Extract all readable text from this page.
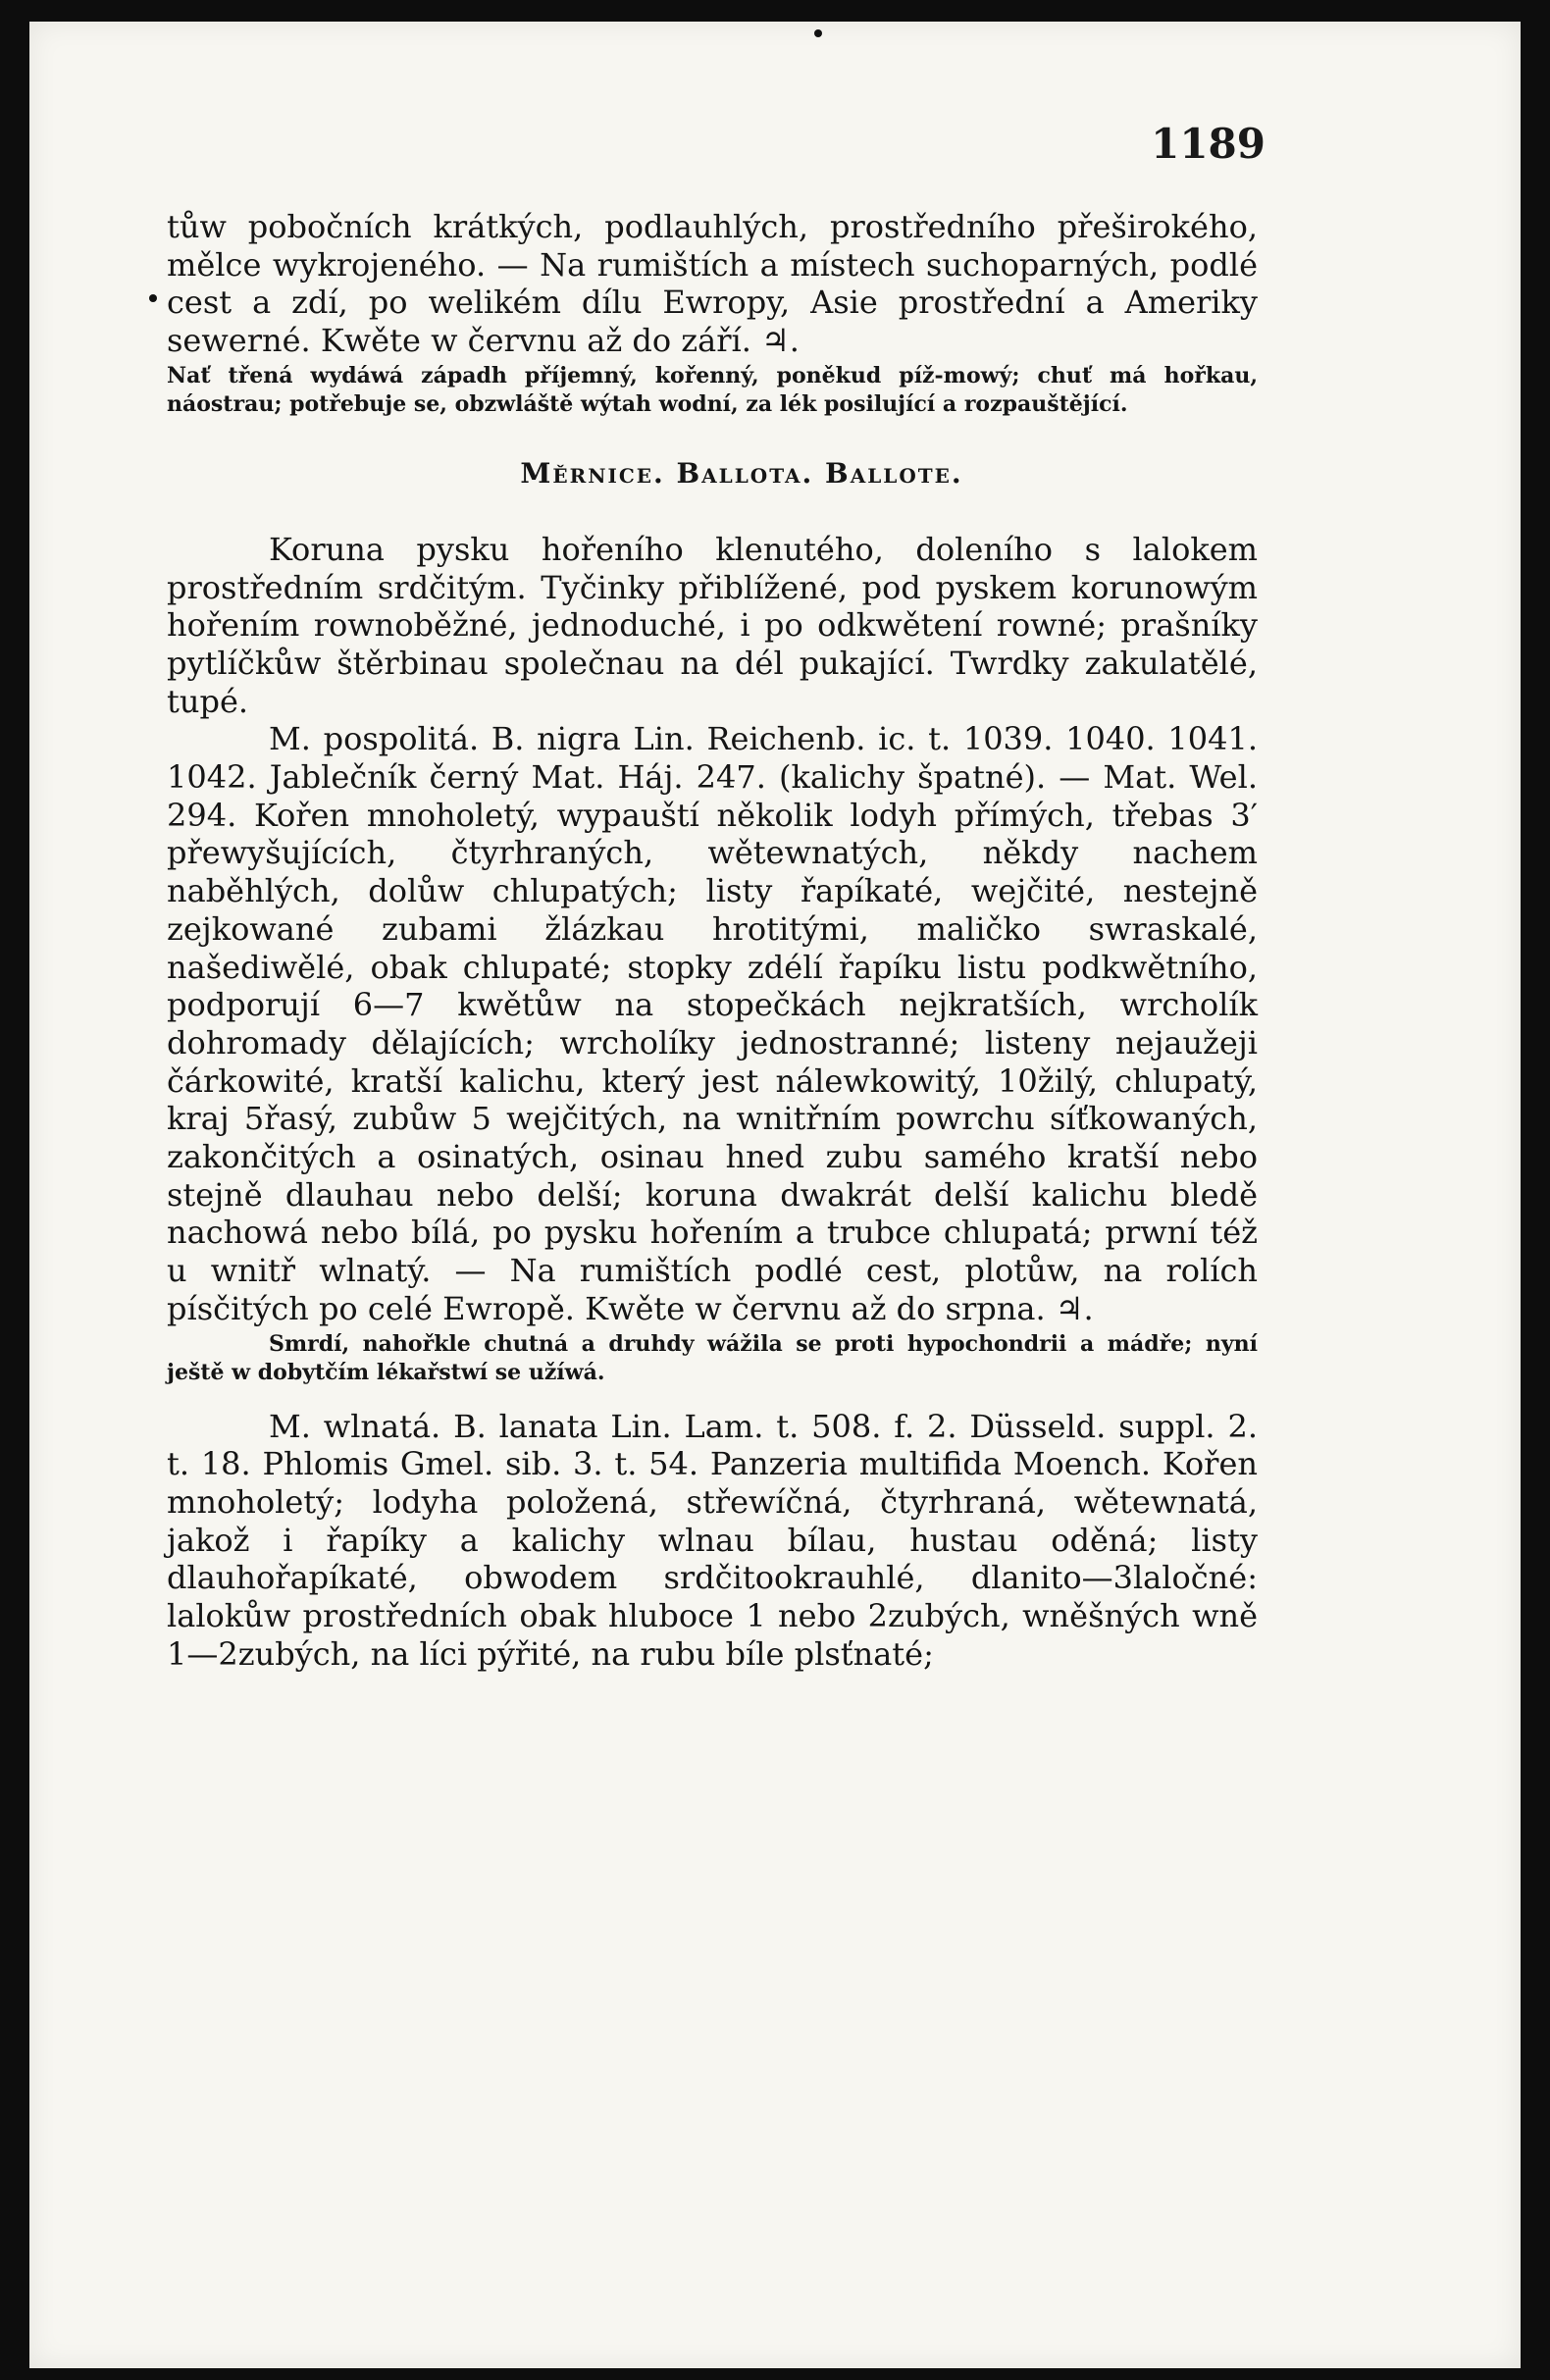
1189

tůw pobočních krátkých, podlauhlých, prostředního přeširokého, mělce wykrojeného. — Na rumištích a místech suchoparných, podlé cest a zdí, po welikém dílu Ewropy, Asie prostřední a Ameriky sewerné. Kwěte w červnu až do září. ♃.

Nať třená wydáwá západh příjemný, kořenný, poněkud píž-mowý; chuť má hořkau, náostrau; potřebuje se, obzwláště wýtah wodní, za lék posilující a rozpauštějící.

Měrnice. Ballota. Ballote.

Koruna pysku hořeního klenutého, doleního s lalokem prostředním srdčitým. Tyčinky přiblížené, pod pyskem korunowým hořením rownoběžné, jednoduché, i po odkwětení rowné; prašníky pytlíčkůw štěrbinau společnau na dél pukající. Twrdky zakulatělé, tupé.

M. pospolitá. B. nigra Lin. Reichenb. ic. t. 1039. 1040. 1041. 1042. Jablečník černý Mat. Háj. 247. (kalichy špatné). — Mat. Wel. 294. Kořen mnoholetý, wypauští několik lodyh přímých, třebas 3′ přewyšujících, čtyrhraných, wětewnatých, někdy nachem naběhlých, dolůw chlupatých; listy řapíkaté, wejčité, nestejně zejkowané zubami žlázkau hrotitými, maličko swraskalé, našediwělé, obak chlupaté; stopky zdélí řapíku listu podkwětního, podporují 6—7 kwětůw na stopečkách nejkratších, wrcholík dohromady dělajících; wrcholíky jednostranné; listeny nejaužeji čárkowité, kratší kalichu, který jest nálewkowitý, 10žilý, chlupatý, kraj 5řasý, zubůw 5 wejčitých, na wnitřním powrchu síťkowaných, zakončitých a osinatých, osinau hned zubu samého kratší nebo stejně dlauhau nebo delší; koruna dwakrát delší kalichu bledě nachowá nebo bílá, po pysku hořením a trubce chlupatá; prwní též u wnitř wlnatý. — Na rumištích podlé cest, plotůw, na rolích písčitých po celé Ewropě. Kwěte w červnu až do srpna. ♃.

Smrdí, nahořkle chutná a druhdy wážila se proti hypochondrii a mádře; nyní ještě w dobytčím lékařstwí se užíwá.

M. wlnatá. B. lanata Lin. Lam. t. 508. f. 2. Düsseld. suppl. 2. t. 18. Phlomis Gmel. sib. 3. t. 54. Panzeria multifida Moench. Kořen mnoholetý; lodyha položená, střewíčná, čtyrhraná, wětewnatá, jakož i řapíky a kalichy wlnau bílau, hustau oděná; listy dlauhořapíkaté, obwodem srdčitookrauhlé, dlanito—3laločné: lalokůw prostředních obak hluboce 1 nebo 2zubých, wněšných wně 1—2zubých, na líci pýřité, na rubu bíle plsťnaté;
